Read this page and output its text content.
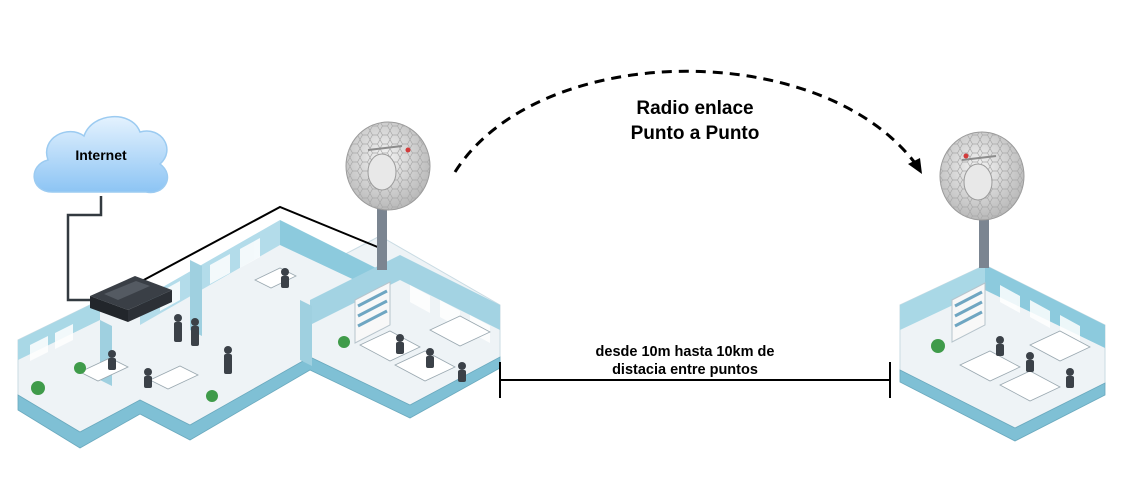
Internet
Radio enlace
Punto a Punto
desde 10m hasta 10km de
distacia entre puntos
